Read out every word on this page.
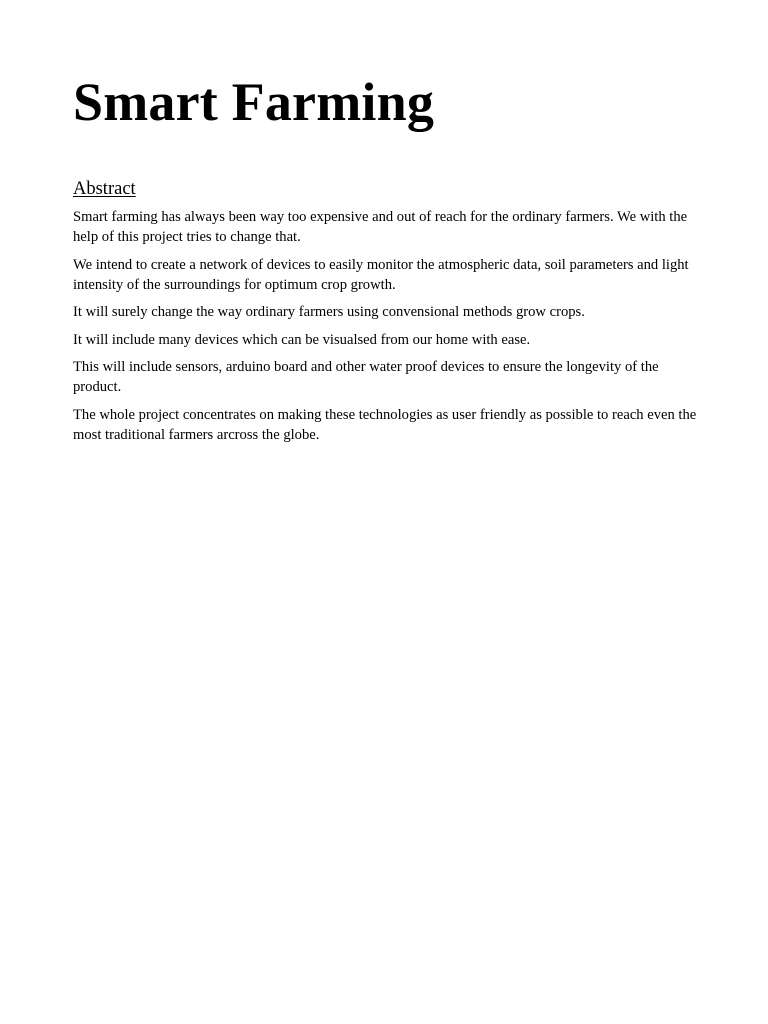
Smart Farming
Abstract

Smart farming has always been way too expensive and out of reach for the ordinary farmers. We with the help of this project tries to change that.

We intend to create a network of devices to easily monitor the atmospheric data, soil parameters and light intensity of the surroundings for optimum crop growth.

It will surely change the way ordinary farmers using convensional methods grow crops.

It will include many devices which can be visualsed from our home with ease.

This will include sensors, arduino board and other water proof devices to ensure the longevity of the product.

The whole project concentrates on making these technologies as user friendly as possible to reach even the most traditional farmers arcross the globe.
